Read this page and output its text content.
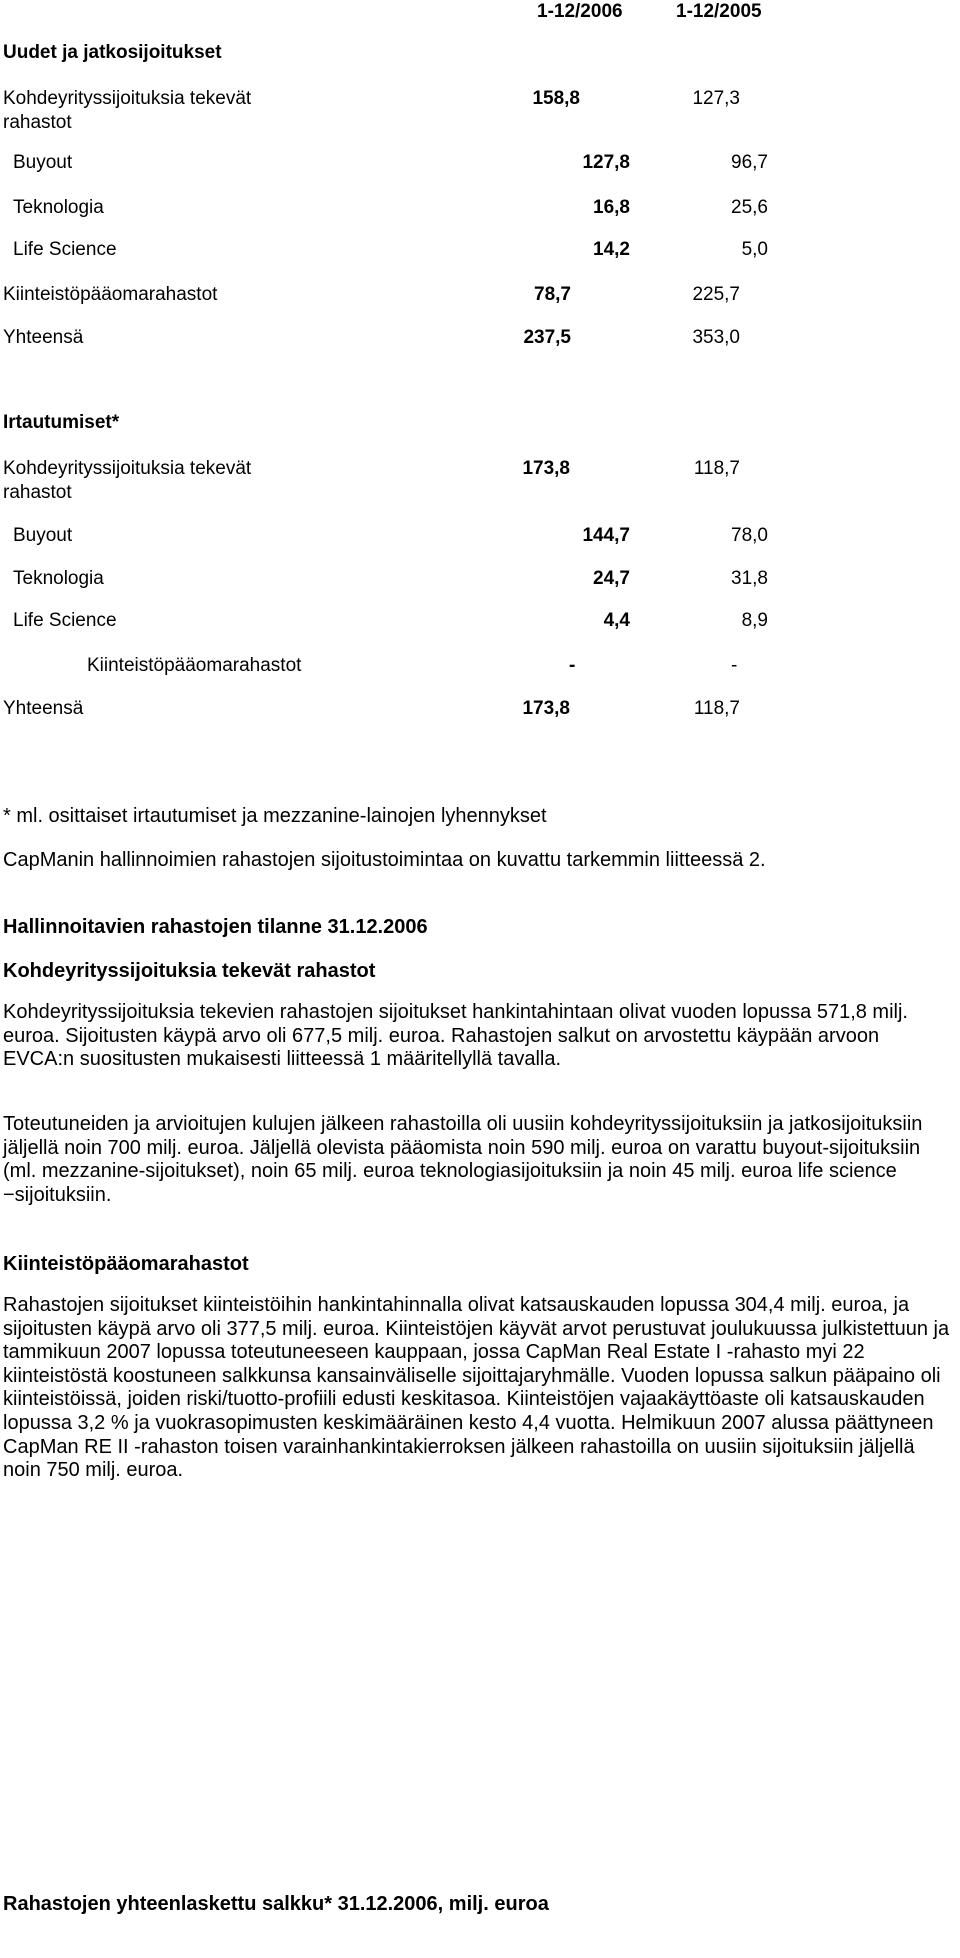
1-12/2006	1-12/2005
Uudet ja jatkosijoitukset
Kohdeyrityssijoituksia tekevät rahastot
158,8	127,3
Buyout	127,8	96,7
Teknologia	16,8	25,6
Life Science	14,2	5,0
Kiinteistöpääomarahastot	78,7	225,7
Yhteensä	237,5	353,0
Irtautumiset*
Kohdeyrityssijoituksia tekevät rahastot
173,8	118,7
Buyout	144,7	78,0
Teknologia	24,7	31,8
Life Science	4,4	8,9
Kiinteistöpääomarahastot	-	-
Yhteensä	173,8	118,7
* ml. osittaiset irtautumiset ja mezzanine-lainojen lyhennykset
CapManin hallinnoimien rahastojen sijoitustoimintaa on kuvattu tarkemmin liitteessä 2.
Hallinnoitavien rahastojen tilanne 31.12.2006
Kohdeyrityssijoituksia tekevät rahastot
Kohdeyrityssijoituksia tekevien rahastojen sijoitukset hankintahintaan olivat vuoden lopussa 571,8 milj. euroa. Sijoitusten käypä arvo oli 677,5 milj. euroa. Rahastojen salkut on arvostettu käypään arvoon EVCA:n suositusten mukaisesti liitteessä 1 määritellyllä tavalla.
Toteutuneiden ja arvioitujen kulujen jälkeen rahastoilla oli uusiin kohdeyrityssijoituksiin ja jatkosijoituksiin jäljellä noin 700 milj. euroa. Jäljellä olevista pääomista noin 590 milj. euroa on varattu buyout-sijoituksiin (ml. mezzanine-sijoitukset), noin 65 milj. euroa teknologiasijoituksiin ja noin 45 milj. euroa life science −sijoituksiin.
Kiinteistöpääomarahastot
Rahastojen sijoitukset kiinteistöihin hankintahinnalla olivat katsauskauden lopussa 304,4 milj. euroa, ja sijoitusten käypä arvo oli 377,5 milj. euroa. Kiinteistöjen käyvät arvot perustuvat joulukuussa julkistettuun ja tammikuun 2007 lopussa toteutuneeseen kauppaan, jossa CapMan Real Estate I -rahasto myi 22 kiinteistöstä koostuneen salkkunsa kansainväliselle sijoittajaryhmälle. Vuoden lopussa salkun pääpaino oli kiinteistöissä, joiden riski/tuotto-profiili edusti keskitasoa. Kiinteistöjen vajaakäyttöaste oli katsauskauden lopussa 3,2 % ja vuokrasopimusten keskimääräinen kesto 4,4 vuotta. Helmikuun 2007 alussa päättyneen CapMan RE II -rahaston toisen varainhankintakierroksen jälkeen rahastoilla on uusiin sijoituksiin jäljellä noin 750 milj. euroa.
Rahastojen yhteenlaskettu salkku* 31.12.2006, milj. euroa
